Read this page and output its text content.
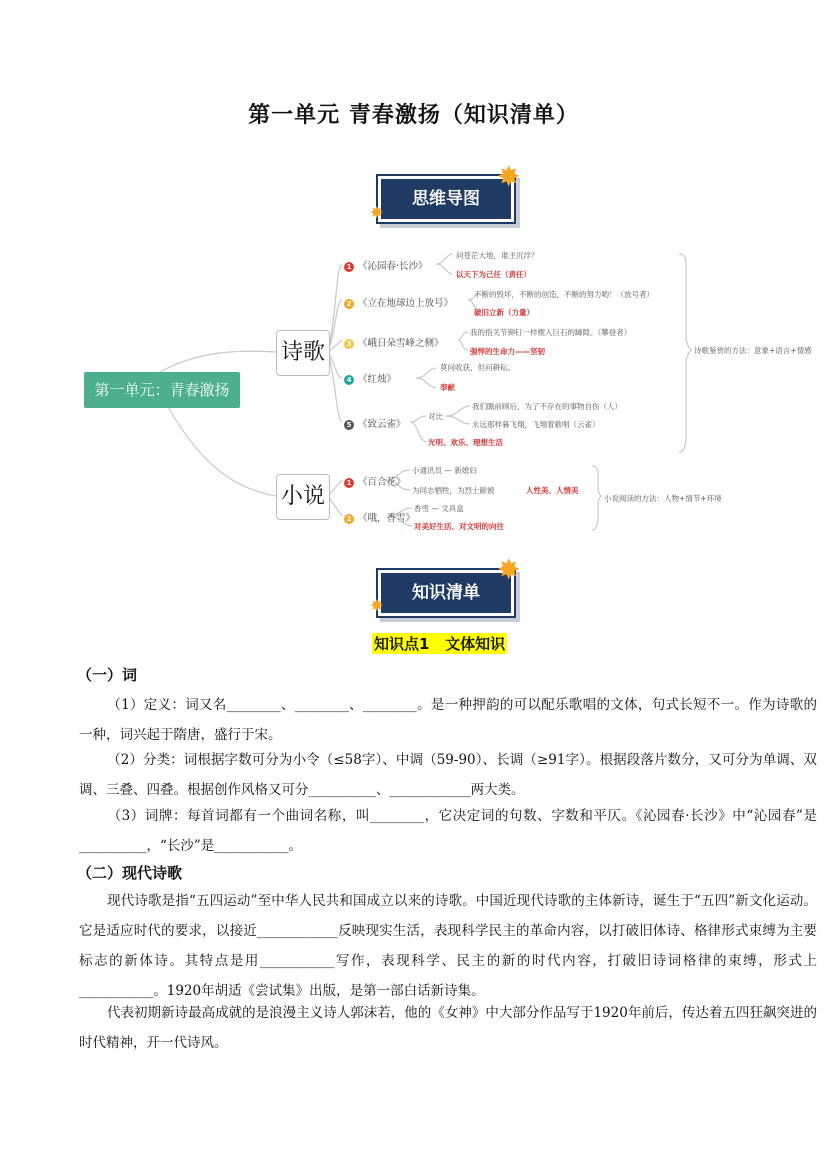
第一单元 青春激扬（知识清单）
思维导图
✸
✸
第一单元：青春激扬
诗歌
小说
1 《沁园春·长沙》
问苍茫大地，谁主沉浮？
以天下为己任（责任）
2 《立在地球边上放号》
不断的毁坏，不断的创造，不断的努力哟！（放号者）
破旧立新（力量）
3 《峨日朵雪峰之侧》
我的指关节铆钉一样楔入巨石的罅隙。（攀登者）
强悍的生命力——坚韧
4 《红烛》
莫问收获，但问耕耘。
奉献
5 《致云雀》
对比
我们瞻前顾后，为了不存在的事物自伤（人）
永远那样暮飞翔，飞翔着歌唱（云雀）
光明、欢乐、理想生活
诗歌鉴赏的方法：意象+语言+情感
1 《百合花》
小通讯员 — 新媳妇
为同志牺牲，为烈士献被	人性美、人情美
2 《哦，香雪》
香雪 — 文具盒
对美好生活、对文明的向往
小说阅读的方法：人物+情节+环境
知识清单
✸
✸
知识点1   文体知识
（一）词
（1）定义：词又名________、________、________。是一种押韵的可以配乐歌唱的文体，句式长短不一。作为诗歌的一种，词兴起于隋唐，盛行于宋。
（2）分类：词根据字数可分为小令（≤58字）、中调（59-90）、长调（≥91字）。根据段落片数分，又可分为单调、双调、三叠、四叠。根据创作风格又可分__________、____________两大类。
（3）词牌：每首词都有一个曲词名称，叫________，它决定词的句数、字数和平仄。《沁园春·长沙》中“沁园春”是__________，“长沙”是___________。
（二）现代诗歌
现代诗歌是指“五四运动”至中华人民共和国成立以来的诗歌。中国近现代诗歌的主体新诗，诞生于“五四”新文化运动。它是适应时代的要求，以接近____________反映现实生活，表现科学民主的革命内容，以打破旧体诗、格律形式束缚为主要标志的新体诗。其特点是用___________写作，表现科学、民主的新的时代内容，打破旧诗词格律的束缚，形式上___________。1920年胡适《尝试集》出版，是第一部白话新诗集。
代表初期新诗最高成就的是浪漫主义诗人郭沫若，他的《女神》中大部分作品写于1920年前后，传达着五四狂飙突进的时代精神，开一代诗风。
